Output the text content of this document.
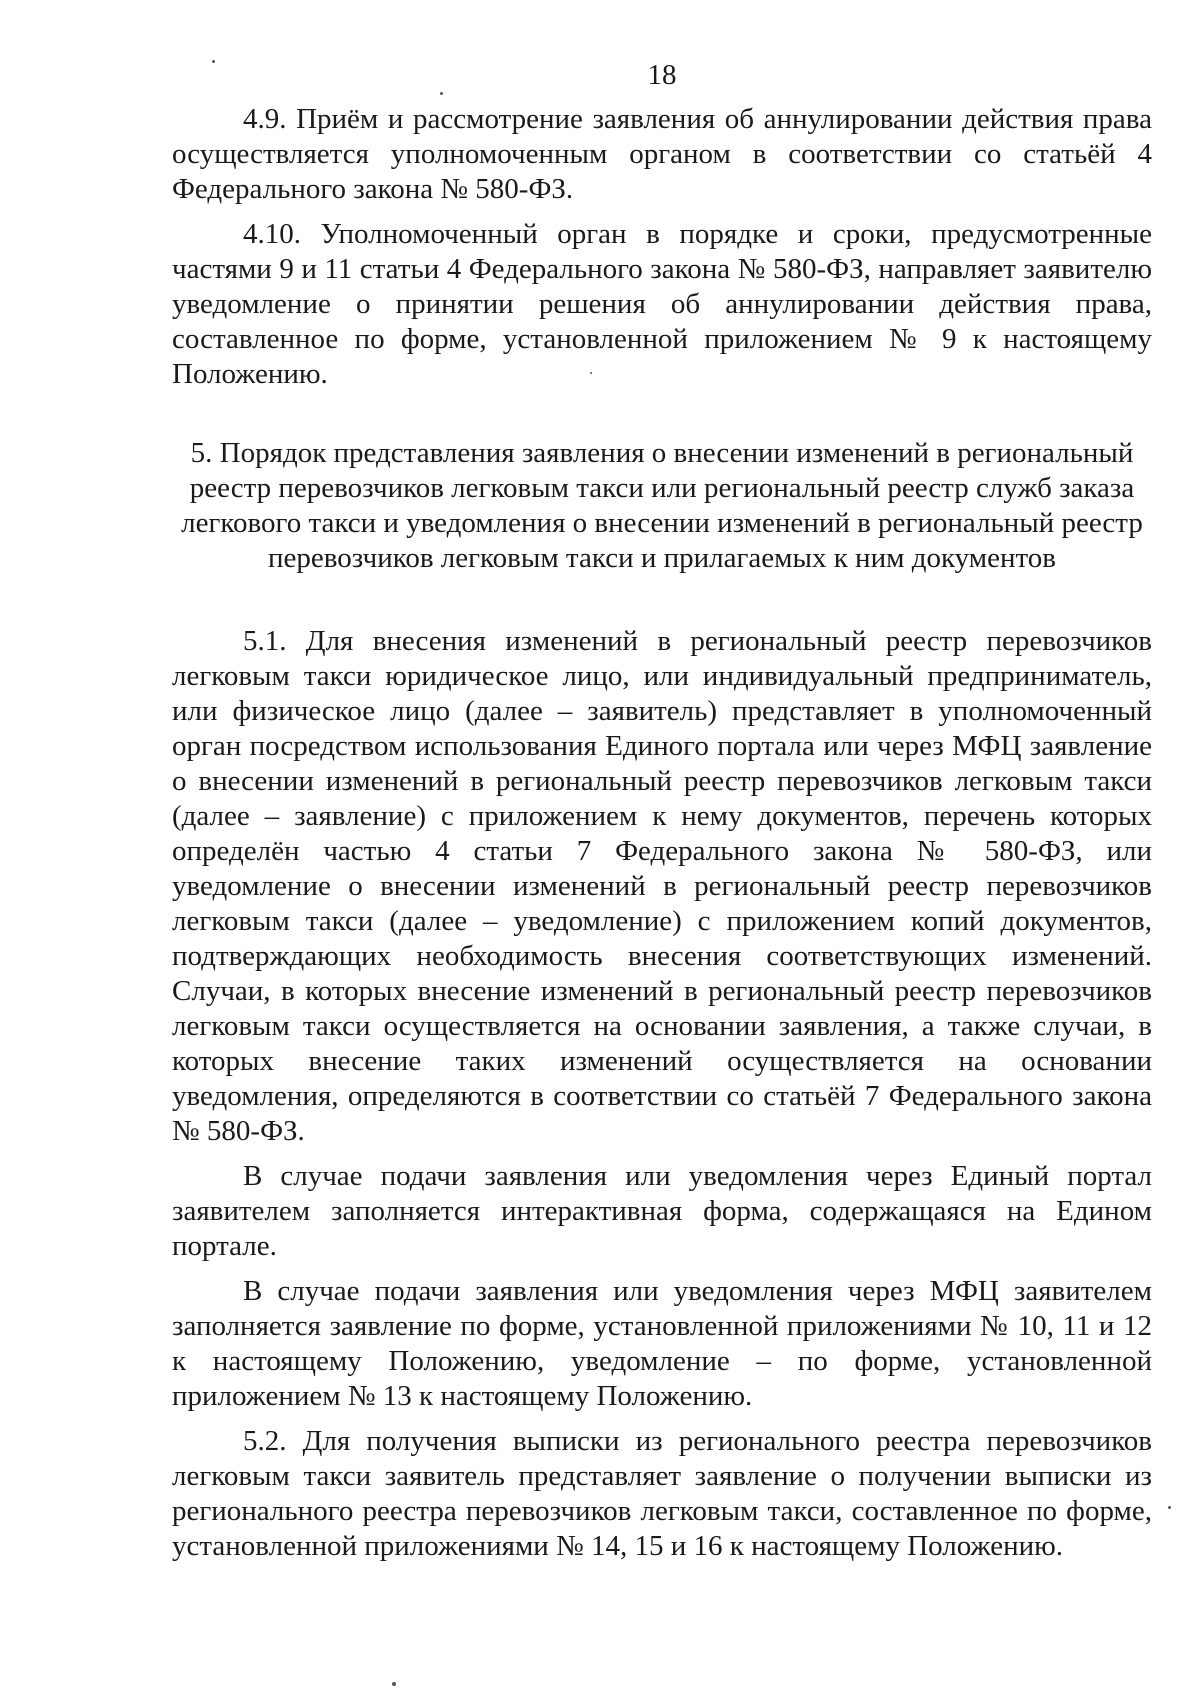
18

4.9. Приём и рассмотрение заявления об аннулировании действия права осуществляется уполномоченным органом в соответствии со статьёй 4 Федерального закона № 580-ФЗ.

4.10. Уполномоченный орган в порядке и сроки, предусмотренные частями 9 и 11 статьи 4 Федерального закона № 580-ФЗ, направляет заявителю уведомление о принятии решения об аннулировании действия права, составленное по форме, установленной приложением № 9 к настоящему Положению.

5. Порядок представления заявления о внесении изменений в региональный реестр перевозчиков легковым такси или региональный реестр служб заказа легкового такси и уведомления о внесении изменений в региональный реестр перевозчиков легковым такси и прилагаемых к ним документов

5.1. Для внесения изменений в региональный реестр перевозчиков легковым такси юридическое лицо, или индивидуальный предприниматель, или физическое лицо (далее – заявитель) представляет в уполномоченный орган посредством использования Единого портала или через МФЦ заявление о внесении изменений в региональный реестр перевозчиков легковым такси (далее – заявление) с приложением к нему документов, перечень которых определён частью 4 статьи 7 Федерального закона № 580-ФЗ, или уведомление о внесении изменений в региональный реестр перевозчиков легковым такси (далее – уведомление) с приложением копий документов, подтверждающих необходимость внесения соответствующих изменений. Случаи, в которых внесение изменений в региональный реестр перевозчиков легковым такси осуществляется на основании заявления, а также случаи, в которых внесение таких изменений осуществляется на основании уведомления, определяются в соответствии со статьёй 7 Федерального закона № 580-ФЗ.

В случае подачи заявления или уведомления через Единый портал заявителем заполняется интерактивная форма, содержащаяся на Едином портале.

В случае подачи заявления или уведомления через МФЦ заявителем заполняется заявление по форме, установленной приложениями № 10, 11 и 12 к настоящему Положению, уведомление – по форме, установленной приложением № 13 к настоящему Положению.

5.2. Для получения выписки из регионального реестра перевозчиков легковым такси заявитель представляет заявление о получении выписки из регионального реестра перевозчиков легковым такси, составленное по форме, установленной приложениями № 14, 15 и 16 к настоящему Положению.
